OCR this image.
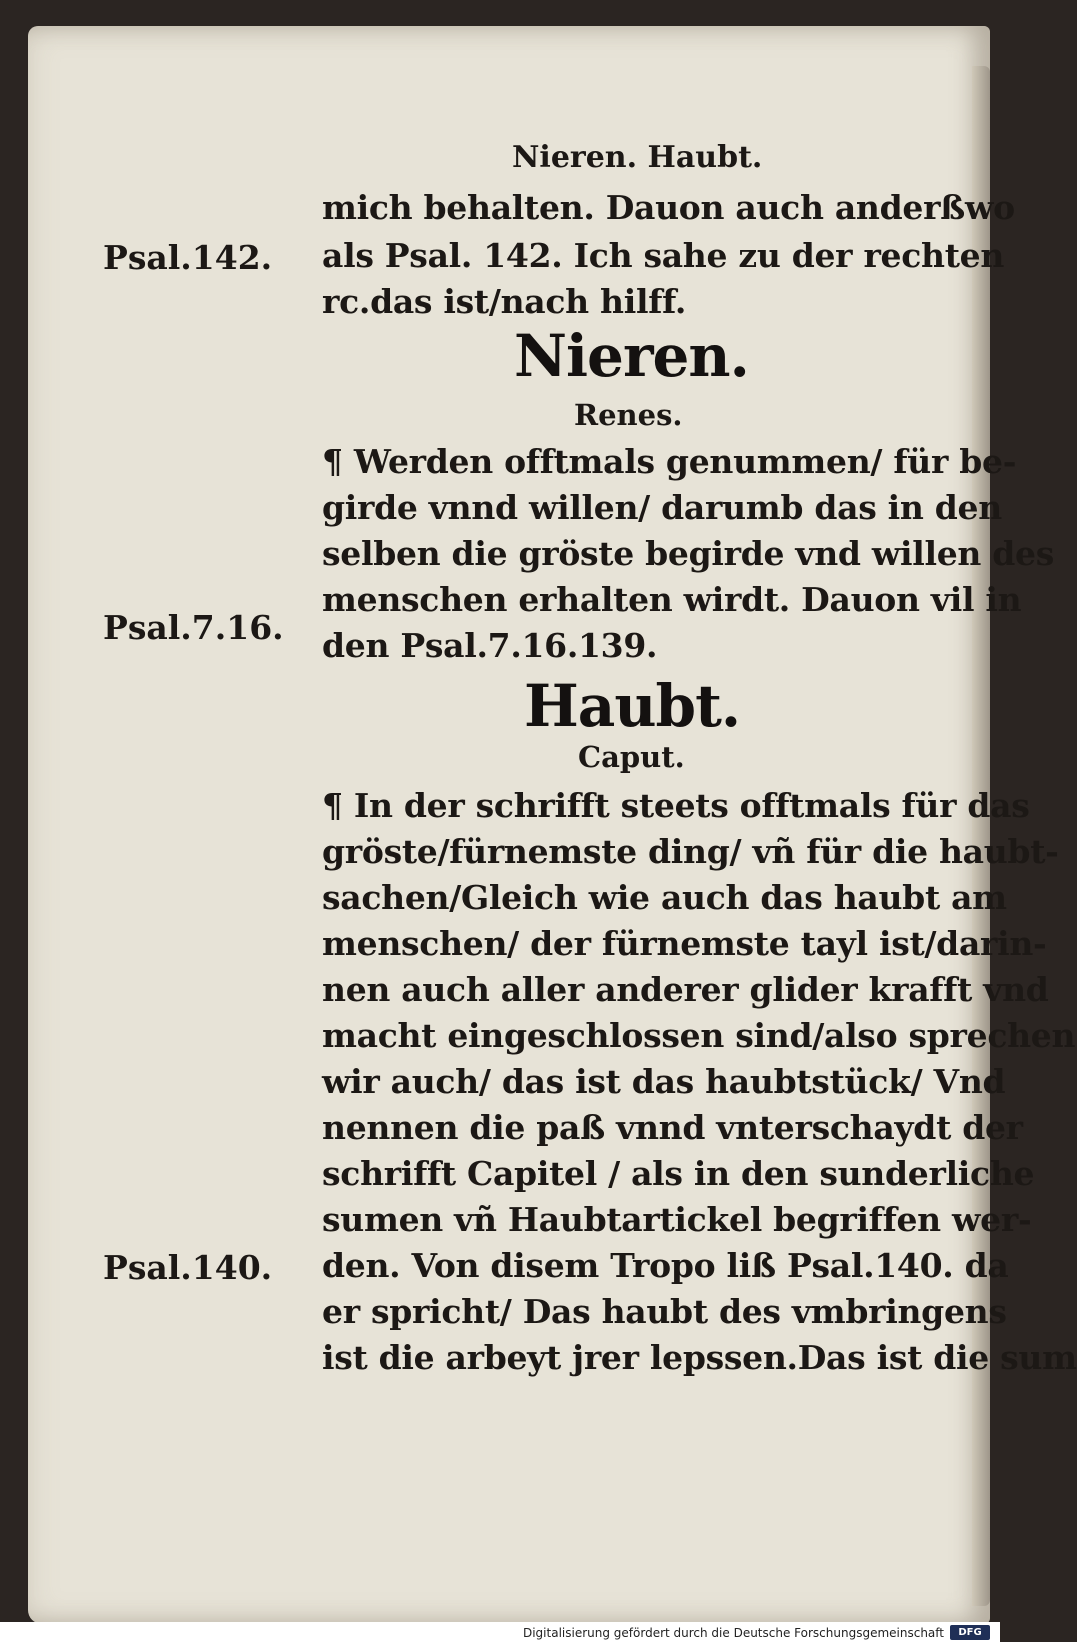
Nieren. Haubt.
mich behalten. Dauon auch anderßwo
als Psal. 142. Ich sahe zu der rechten
rc.das ist/nach hilff.
Psal.142.
Nieren.
Renes.
¶ Werden offtmals genummen/ für be-
girde vnnd willen/ darumb das in den
selben die gröste begirde vnd willen des
menschen erhalten wirdt. Dauon vil in
den Psal.7.16.139.
Psal.7.16.
Haubt.
Caput.
¶ In der schrifft steets offtmals für das
gröste/fürnemste ding/ vñ für die haubt-
sachen/Gleich wie auch das haubt am
menschen/ der fürnemste tayl ist/darin-
nen auch aller anderer glider krafft vnd
macht eingeschlossen sind/also sprechen
wir auch/ das ist das haubtstück/ Vnd
nennen die paß vnnd vnterschaydt der
schrifft Capitel / als in den sunderliche
sumen vñ Haubtartickel begriffen wer-
den. Von disem Tropo liß Psal.140. da
er spricht/ Das haubt des vmbringens
ist die arbeyt jrer lepssen.Das ist die sum
Psal.140.
Digitalisierung gefördert durch die Deutsche Forschungsgemeinschaft	DFG
